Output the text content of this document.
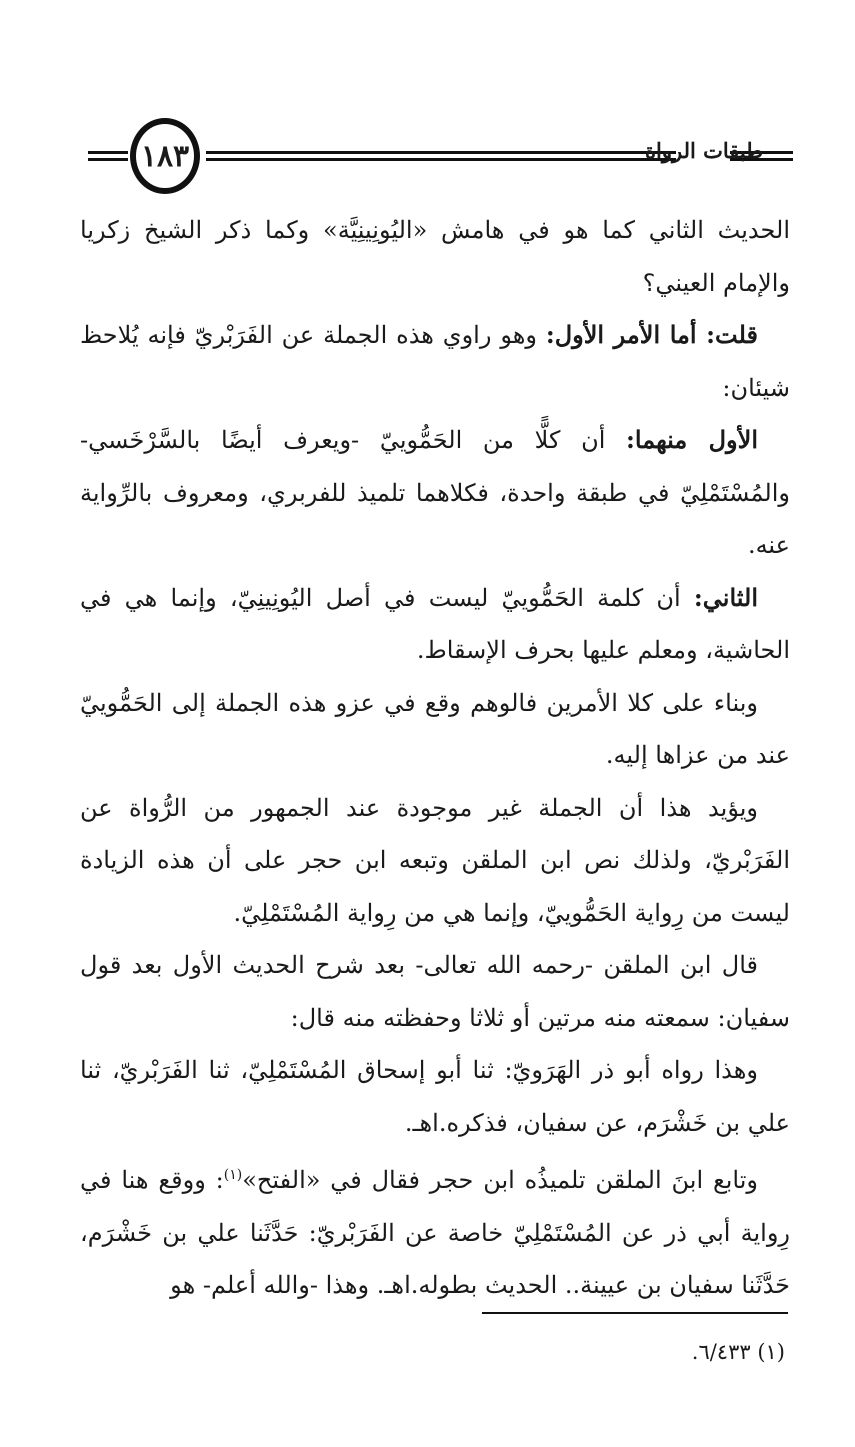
١٨٣	طبقات الرواة

الحديث الثاني كما هو في هامش «اليُونِينِيَّة» وكما ذكر الشيخ زكريا والإمام العيني؟

قلت: أما الأمر الأول: وهو راوي هذه الجملة عن الفَرَبْريّ فإنه يُلاحظ شيئان:

الأول منهما: أن كلًّا من الحَمُّوييّ -ويعرف أيضًا بالسَّرْخَسي- والمُسْتَمْلِيّ في طبقة واحدة، فكلاهما تلميذ للفربري، ومعروف بالرِّواية عنه.

الثاني: أن كلمة الحَمُّوييّ ليست في أصل اليُونِينِيّ، وإنما هي في الحاشية، ومعلم عليها بحرف الإسقاط.

وبناء على كلا الأمرين فالوهم وقع في عزو هذه الجملة إلى الحَمُّوييّ عند من عزاها إليه.

ويؤيد هذا أن الجملة غير موجودة عند الجمهور من الرُّواة عن الفَرَبْريّ، ولذلك نص ابن الملقن وتبعه ابن حجر على أن هذه الزيادة ليست من رِواية الحَمُّوييّ، وإنما هي من رِواية المُسْتَمْلِيّ.

قال ابن الملقن -رحمه الله تعالى- بعد شرح الحديث الأول بعد قول سفيان: سمعته منه مرتين أو ثلاثا وحفظته منه قال:

وهذا رواه أبو ذر الهَرَويّ: ثنا أبو إسحاق المُسْتَمْلِيّ، ثنا الفَرَبْريّ، ثنا علي بن خَشْرَم، عن سفيان، فذكره.اهـ.

وتابع ابنَ الملقن تلميذُه ابن حجر فقال في «الفتح»$^{(١)}$: ووقع هنا في رِواية أبي ذر عن المُسْتَمْلِيّ خاصة عن الفَرَبْريّ: حَدَّثَنا علي بن خَشْرَم، حَدَّثَنا سفيان بن عيينة.. الحديث بطوله.اهـ. وهذا -والله أعلم- هو

(١) ٦/٤٣٣.
